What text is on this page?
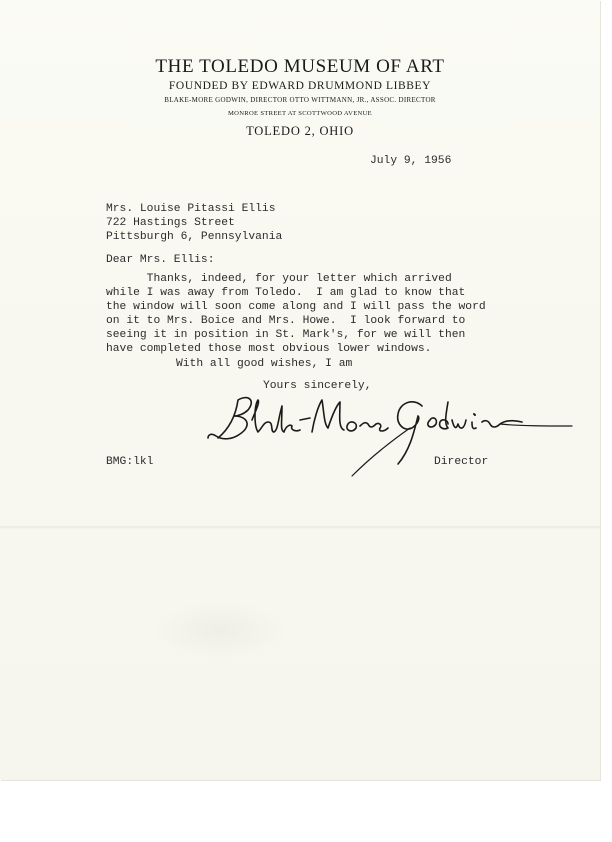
THE TOLEDO MUSEUM OF ART
FOUNDED BY EDWARD DRUMMOND LIBBEY
BLAKE-MORE GODWIN, DIRECTOR OTTO WITTMANN, JR., ASSOC. DIRECTOR
MONROE STREET AT SCOTTWOOD AVENUE
TOLEDO 2, OHIO
July 9, 1956
Mrs. Louise Pitassi Ellis
722 Hastings Street
Pittsburgh 6, Pennsylvania
Dear Mrs. Ellis:
Thanks, indeed, for your letter which arrived
while I was away from Toledo.  I am glad to know that
the window will soon come along and I will pass the word
on it to Mrs. Boice and Mrs. Howe.  I look forward to
seeing it in position in St. Mark's, for we will then
have completed those most obvious lower windows.
With all good wishes, I am
Yours sincerely,
Blake-More Godwin
BMG:lkl	Director
